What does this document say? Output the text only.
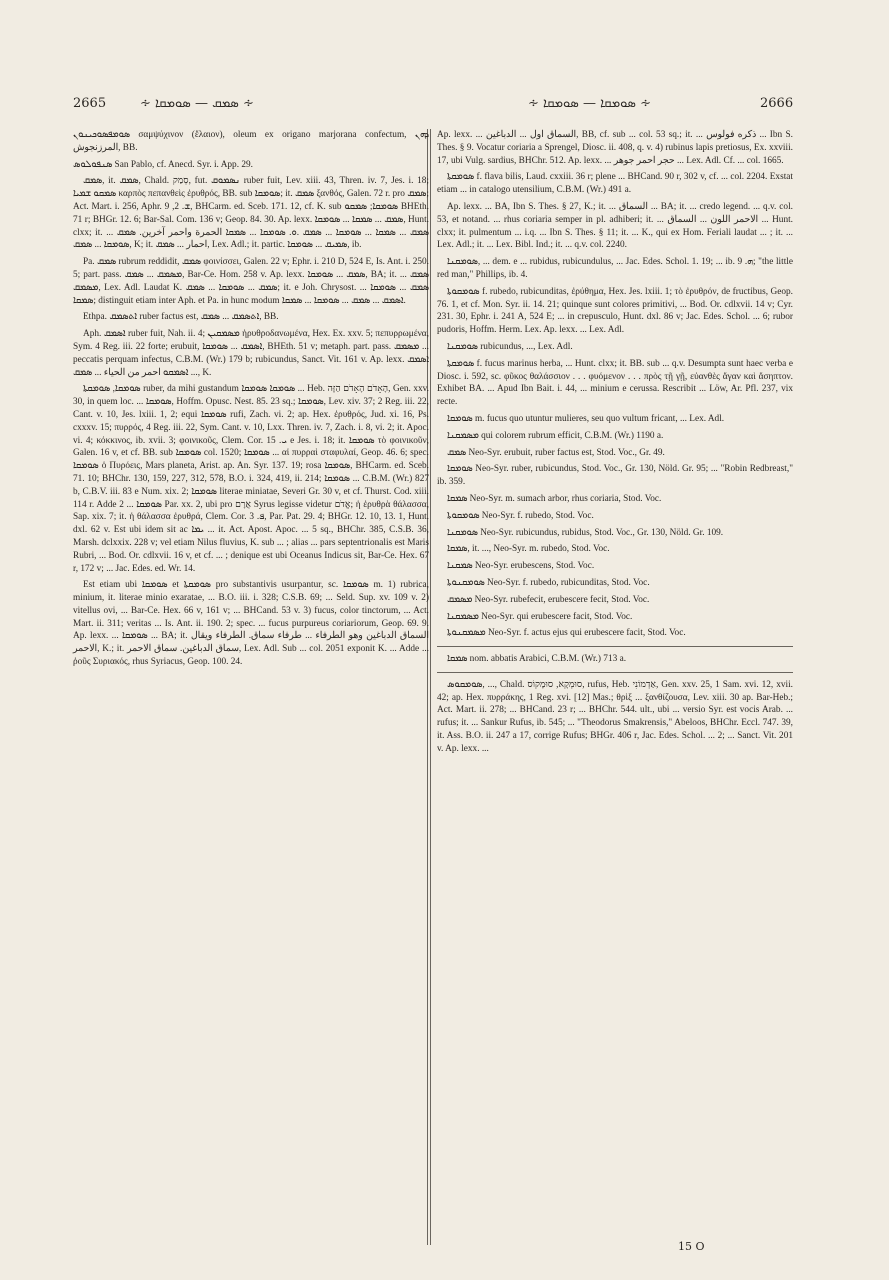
2665	∻ ܣܡܩ — ܣܘܡܩܐ ∻	∻ ܣܘܡܩܐ — ܣܘܡܩܐ ∻	2666

ܣܘܡܦܣܘܟܝܢܘܢ σαμψύχινον (ἔλαιον), oleum ex origano marjorana confectum, ܕܗܢ المرزنجوش, BB.

ܣܢܦܘܠܘܣ San Pablo, cf. Anecd. Syr. i. App. 29.

ܣܡܩ, it. ܣܡܩ, Chald. סְמַק, fut. ܢܣܡܘܩ ruber fuit, Lev. xiii. 43, Thren. iv. 7, Jes. i. 18; ܣܡܩܘ ܫܡܝܐ καρπὸς πεπανθεὶς ἐρυθρός, BB. sub ܣܘܡܩܐ; it. ܣܡܩ ξανθός, Galen. 72 r. pro ܣܡܩ; Act. Mart. i. 256, Aphr. ܫ. 2, 9, BHCarm. ed. Sceb. 171. 12, cf. K. sub ܣܘܡܩܐ; ܣܡܩܘ BHEth. 71 r; BHGr. 12. 6; Bar-Sal. Com. 136 v; Geop. 84. 30. Ap. lexx. ܣܡܩ ... ܣܡܩܐ ... ܣܘܡܩܐ, Hunt. clxx; it. ܣܡܩ ... ܣܡܩܐ ... ܣܘܡܩܐ ... ܣܡܩ .ܘ. ܣܘܡܩܐ ... ܣܡܩܐ الحمرة واحمر آخرين. ܣܡܩ ... ܣܘܡܩܐ ... ܣܡܩ, K; it. احمار ... ܣܡܩ, Lex. Adl.; it. partic. ܣܡܝܩ ... ܣܘܡܩܐ, ib.

Pa. ܣܡܩ rubrum reddidit, ܣܡܩ φοινίσσει, Galen. 22 v; Ephr. i. 210 D, 524 E, Is. Ant. i. 250. 5; part. pass. ܡܣܡܩ ... ܣܡܩ, Bar-Ce. Hom. 258 v. Ap. lexx. ܣܡܩ ... ܣܘܡܩܐ, BA; it. ܣܡܩ ... ܡܣܡܩ, Lex. Adl. Laudat K. ܣܡܩ ... ܣܘܡܩܐ ... ܣܡܩ; it. e Joh. Chrysost. ܣܡܩ ... ܣܘܡܩܐ ... ܣܡܩܐ; distinguit etiam inter Aph. et Pa. in hunc modum ܐܣܡܩ ... ܣܡܩ ... ܣܘܡܩܐ ... ܣܡܩܐ.

Ethpa. ܐܬܣܡܩ ruber factus est, ܐܬܣܡܩ ... ܣܡܩ, BB.

Aph. ܐܣܡܩ ruber fuit, Nah. ii. 4; ܡܣܡܩܝܢ ἠρυθροδανωμένα, Hex. Ex. xxv. 5; πεπυρρωμένα, Sym. 4 Reg. iii. 22 forte; erubuit, ܐܣܡܩ ... ܣܘܡܩܐ, BHEth. 51 v; metaph. part. pass. ܡܣܡܩ ... peccatis perquam infectus, C.B.M. (Wr.) 179 b; rubicundus, Sanct. Vit. 161 v. Ap. lexx. ܐܣܡܩ ... ܐܣܡܩܘ احمر من الحياء ... ܣܡܩ, K.

ܣܘܡܩܐ, ܣܘܡܩܬܐ ruber, da mihi gustandum ܣܘܡܩܐ ܣܘܡܩܐ ... Heb. הָאָדֹם הָאָדֹם הַזֶּה, Gen. xxv. 30, in quem loc. ... ܣܘܡܩܐ, Hoffm. Opusc. Nest. 85. 23 sq.; ܣܘܡܩܐ, Lev. xiv. 37; 2 Reg. iii. 22, Cant. v. 10, Jes. lxiii. 1, 2; equi ܣܘܡܩܐ rufi, Zach. vi. 2; ap. Hex. ἐρυθρός, Jud. xi. 16, Ps. cxxxv. 15; πυρρός, 4 Reg. iii. 22, Sym. Cant. v. 10, Lxx. Thren. iv. 7, Zach. i. 8, vi. 2; it. Apoc. vi. 4; κόκκινος, ib. xvii. 3; φοινικοῦς, Clem. Cor. ܝ. 15 e Jes. i. 18; it. ܣܘܡܩܐ τὸ φοινικοῦν, Galen. 16 v, et cf. BB. sub ܣܘܡܩܐ col. 1520; ܣܘܡܩܐ ... αἱ πυρραὶ σταφυλαί, Geop. 46. 6; spec. ܣܘܡܩܐ ὁ Πυρόεις, Mars planeta, Arist. ap. An. Syr. 137. 19; rosa ܣܘܡܩܐ, BHCarm. ed. Sceb. 71. 10; BHChr. 130, 159, 227, 312, 578, B.O. i. 324, 419, ii. 214; ܣܘܡܩܐ ... C.B.M. (Wr.) 827 b, C.B.V. iii. 83 e Num. xix. 2; ܣܘܡܩܐ literae miniatae, Severi Gr. 30 v, et cf. Thurst. Cod. xiii. 114 r. Adde ܣܘܡܩܐ ... 2 Par. xx. 2, ubi pro אֲרָם Syrus legisse videtur אֱדֹם; ἡ ἐρυθρὰ θάλασσα, Sap. xix. 7; it. ἡ θάλασσα ἐρυθρά, Clem. Cor. ܦ. 3, Par. Pat. 29. 4; BHGr. 12. 10, 13. 1, Hunt. dxl. 62 v. Est ubi idem sit ac ܝܡܐ ... it. Act. Apost. Apoc. ... 5 sq., BHChr. 385, C.S.B. 36, Marsh. dclxxix. 228 v; vel etiam Nilus fluvius, K. sub ... ; alias ... pars septentrionalis est Maris Rubri, ... Bod. Or. cdlxvii. 16 v, et cf. ... ; denique est ubi Oceanus Indicus sit, Bar-Ce. Hex. 67 r, 172 v; ... Jac. Edes. ed. Wr. 14.

Est etiam ubi ܣܘܡܩܐ et ܣܘܡܩܬܐ pro substantivis usurpantur, sc. ܣܘܡܩܐ m. 1) rubrica, minium, it. literae minio exaratae, ... B.O. iii. i. 328; C.S.B. 69; ... Seld. Sup. xv. 109 v. 2) vitellus ovi, ... Bar-Ce. Hex. 66 v, 161 v; ... BHCand. 53 v. 3) fucus, color tinctorum, ... Act. Mart. ii. 311; veritas ... Is. Ant. ii. 190. 2; spec. ... fucus purpureus coriariorum, Geop. 69. 9. Ap. lexx. ... ܣܘܡܩܐ ... BA; it. السماق الدباغين وهو الطرفاء ... طرفاء سماق. الطرفاء ويقال الاحمر, K.; it. سماق الدباغين. سماق الاحمر, Lex. Adl. Sub ... col. 2051 exponit K. ... Adde ... ῥοῦς Συριακός, rhus Syriacus, Geop. 100. 24.

Ap. lexx. ... السماق اول ... الدباغين, BB, cf. sub ... col. 53 sq.; it. ... ذكره فولوس ... Ibn S. Thes. § 9. Vocatur coriaria a Sprengel, Diosc. ii. 408, q. v. 4) rubinus lapis pretiosus, Ex. xxviii. 17, ubi Vulg. sardius, BHChr. 512. Ap. lexx. ... حجر احمر جوهر ... Lex. Adl. Cf. ... col. 1665.

ܣܘܡܩܬܐ f. flava bilis, Laud. cxxiii. 36 r; plene ... BHCand. 90 r, 302 v, cf. ... col. 2204. Exstat etiam ... in catalogo utensilium, C.B.M. (Wr.) 491 a.

Ap. lexx. ... BA, Ibn S. Thes. § 27, K.; it. ... السماق ... BA; it. ... credo legend. ... q.v. col. 53, et notand. ... rhus coriaria semper in pl. adhiberi; it. ... الاحمر اللون ... السماق ... Hunt. clxx; it. pulmentum ... i.q. ... Ibn S. Thes. § 11; it. ... K., qui ex Hom. Feriali laudat ... ; it. ... Lex. Adl.; it. ... Lex. Bibl. Ind.; it. ... q.v. col. 2240.

ܣܘܡܩܢܐ, ... dem. e ... rubidus, rubicundulus, ... Jac. Edes. Schol. 1. 19; ... ib. ܗ. 9; "the little red man," Phillips, ib. 4.

ܣܘܡܩܘܬܐ f. rubedo, rubicunditas, ἐρύθημα, Hex. Jes. lxiii. 1; τὸ ἐρυθρόν, de fructibus, Geop. 76. 1, et cf. Mon. Syr. ii. 14. 21; quinque sunt colores primitivi, ... Bod. Or. cdlxvii. 14 v; Cyr. 231. 30, Ephr. i. 241 A, 524 E; ... in crepusculo, Hunt. dxl. 86 v; Jac. Edes. Schol. ... 6; rubor pudoris, Hoffm. Herm. Lex. Ap. lexx. ... Lex. Adl.

ܣܘܡܩܢܐ rubicundus, ..., Lex. Adl.

ܣܘܡܩܬܐ f. fucus marinus herba, ... Hunt. clxx; it. BB. sub ... q.v. Desumpta sunt haec verba e Diosc. i. 592, sc. φῦκος θαλάσσιον . . . φυόμενον . . . πρὸς τῇ γῇ, εὐανθὲς ἄγαν καὶ ἄσηπτον. Exhibet BA. ... Apud Ibn Bait. i. 44, ... minium e cerussa. Rescribit ... Löw, Ar. Pfl. 237, vix recte.

ܣܘܡܩܐ m. fucus quo utuntur mulieres, seu quo vultum fricant, ... Lex. Adl.

ܡܣܡܩܢܐ qui colorem rubrum efficit, C.B.M. (Wr.) 1190 a.

ܣܡܩ Neo-Syr. erubuit, ruber factus est, Stod. Voc., Gr. 49.

ܣܘܡܩܐ Neo-Syr. ruber, rubicundus, Stod. Voc., Gr. 130, Nöld. Gr. 95; ... "Robin Redbreast," ib. 359.

ܣܡܩܐ Neo-Syr. m. sumach arbor, rhus coriaria, Stod. Voc.

ܣܘܡܩܘܬܐ Neo-Syr. f. rubedo, Stod. Voc.

ܣܘܡܩܢܐ Neo-Syr. rubicundus, rubidus, Stod. Voc., Gr. 130, Nöld. Gr. 109.

ܣܡܩܐ, it. ..., Neo-Syr. m. rubedo, Stod. Voc.

ܣܡܩܢܐ Neo-Syr. erubescens, Stod. Voc.

ܣܘܡܩܢܘܬܐ Neo-Syr. f. rubedo, rubicunditas, Stod. Voc.

ܡܣܡܩ Neo-Syr. rubefecit, erubescere fecit, Stod. Voc.

ܡܣܡܩܢܐ Neo-Syr. qui erubescere facit, Stod. Voc.

ܡܣܡܩܢܘܬܐ Neo-Syr. f. actus ejus qui erubescere facit, Stod. Voc.

ܣܡܩܐ nom. abbatis Arabici, C.B.M. (Wr.) 713 a.

ܣܘܡܩܘܣ, ..., Chald. סוּמְקָא, סוּמָקוֹס, rufus, Heb. אַדְמוֹנִי, Gen. xxv. 25, 1 Sam. xvi. 12, xvii. 42; ap. Hex. πυρράκης, 1 Reg. xvi. [12] Mas.; θρὶξ ... ξανθίζουσα, Lev. xiii. 30 ap. Bar-Heb.; Act. Mart. ii. 278; ... BHCand. 23 r; ... BHChr. 544. ult., ubi ... versio Syr. est vocis Arab. ... rufus; it. ... Sankur Rufus, ib. 545; ... "Theodorus Smakrensis," Abeloos, BHChr. Eccl. 747. 39, it. Ass. B.O. ii. 247 a 17, corrige Rufus; BHGr. 406 r, Jac. Edes. Schol. ... 2; ... Sanct. Vit. 201 v. Ap. lexx. ...

15 O
